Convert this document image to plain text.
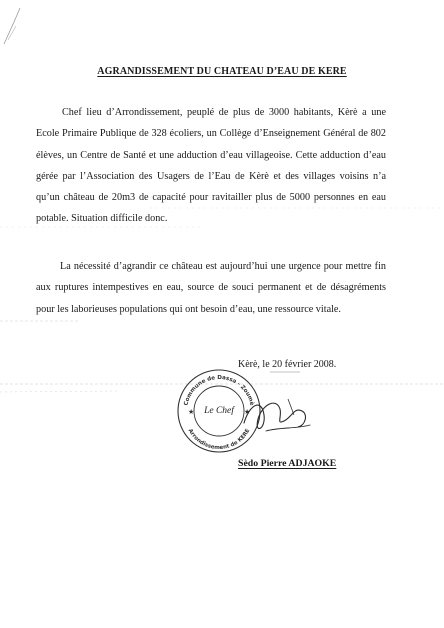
AGRANDISSEMENT DU CHATEAU D’EAU DE KERE

Chef lieu d’Arrondissement, peuplé de plus de 3000 habitants, Kèrè a une Ecole Primaire Publique de 328 écoliers, un Collège d’Enseignement Général de 802 élèves, un Centre de Santé et une adduction d’eau villageoise. Cette adduction d’eau gérée par l’Association des Usagers de l’Eau de Kèrè et des villages voisins n’a qu’un château de 20m3 de capacité pour ravitailler plus de 5000 personnes en eau potable. Situation difficile donc.

La nécessité d’agrandir ce château est aujourd’hui une urgence pour mettre fin aux ruptures intempestives en eau, source de souci permanent et de désagréments pour les laborieuses populations qui ont besoin d’eau, une ressource vitale.

Kèrè, le 20 février 2008.
Commune de Dassa - Zoumè
Arrondissement de KERE
★	★
Le Chef
Sèdo Pierre ADJAOKE
